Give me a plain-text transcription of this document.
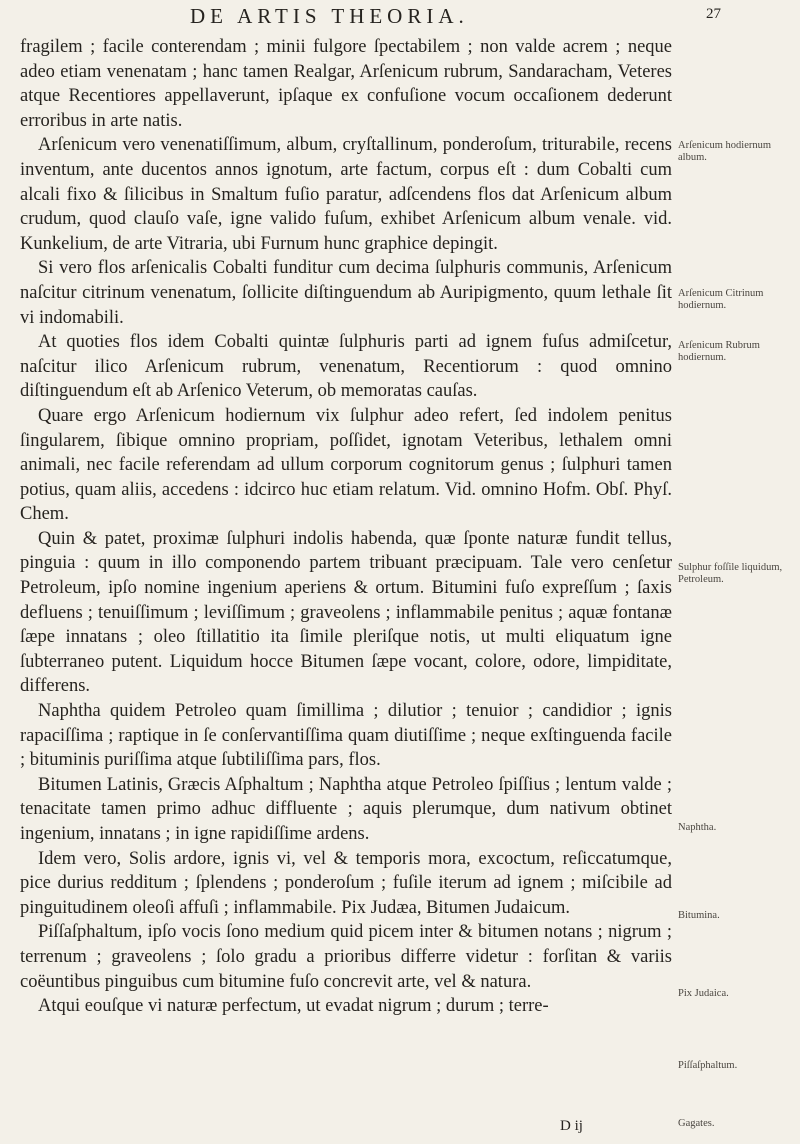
DE ARTIS THEORIA.	27

fragilem ; facile conterendam ; minii fulgore ſpectabilem ; non valde acrem ; neque adeo etiam venenatam ; hanc tamen Realgar, Arſenicum rubrum, Sandaracham, Veteres atque Recentiores appellaverunt, ipſaque ex confuſione vocum occaſionem dederunt erroribus in arte natis.

Arſenicum vero venenatiſſimum, album, cryſtallinum, ponderoſum, triturabile, recens inventum, ante ducentos annos ignotum, arte factum, corpus eſt : dum Cobalti cum alcali fixo & ſilicibus in Smaltum fuſio paratur, adſcendens flos dat Arſenicum album crudum, quod clauſo vaſe, igne valido fuſum, exhibet Arſenicum album venale. vid. Kunkelium, de arte Vitraria, ubi Furnum hunc graphice depingit.

Si vero flos arſenicalis Cobalti funditur cum decima ſulphuris communis, Arſenicum naſcitur citrinum venenatum, ſollicite diſtinguendum ab Auripigmento, quum lethale ſit vi indomabili.

At quoties flos idem Cobalti quintæ ſulphuris parti ad ignem fuſus admiſcetur, naſcitur ilico Arſenicum rubrum, venenatum, Recentiorum : quod omnino diſtinguendum eſt ab Arſenico Veterum, ob memoratas cauſas.

Quare ergo Arſenicum hodiernum vix ſulphur adeo refert, ſed indolem penitus ſingularem, ſibique omnino propriam, poſſidet, ignotam Veteribus, lethalem omni animali, nec facile referendam ad ullum corporum cognitorum genus ; ſulphuri tamen potius, quam aliis, accedens : idcirco huc etiam relatum. Vid. omnino Hofm. Obſ. Phyſ. Chem.

Quin & patet, proximæ ſulphuri indolis habenda, quæ ſponte naturæ fundit tellus, pinguia : quum in illo componendo partem tribuant præcipuam. Tale vero cenſetur Petroleum, ipſo nomine ingenium aperiens & ortum. Bitumini fuſo expreſſum ; ſaxis defluens ; tenuiſſimum ; leviſſimum ; graveolens ; inflammabile penitus ; aquæ fontanæ ſæpe innatans ; oleo ſtillatitio ita ſimile pleriſque notis, ut multi eliquatum igne ſubterraneo putent. Liquidum hocce Bitumen ſæpe vocant, colore, odore, limpiditate, differens.

Naphtha quidem Petroleo quam ſimillima ; dilutior ; tenuior ; candidior ; ignis rapaciſſima ; raptique in ſe conſervantiſſima quam diutiſſime ; neque exſtinguenda facile ; bituminis puriſſima atque ſubtiliſſima pars, flos.

Bitumen Latinis, Græcis Aſphaltum ; Naphtha atque Petroleo ſpiſſius ; lentum valde ; tenacitate tamen primo adhuc diffluente ; aquis plerumque, dum nativum obtinet ingenium, innatans ; in igne rapidiſſime ardens.

Idem vero, Solis ardore, ignis vi, vel & temporis mora, excoctum, reſiccatumque, pice durius redditum ; ſplendens ; ponderoſum ; fuſile iterum ad ignem ; miſcibile ad pinguitudinem oleoſi affuſi ; inflammabile. Pix Judæa, Bitumen Judaicum.

Piſſaſphaltum, ipſo vocis ſono medium quid picem inter & bitumen notans ; nigrum ; terrenum ; graveolens ; ſolo gradu a prioribus differre videtur : forſitan & variis coëuntibus pinguibus cum bitumine fuſo concrevit arte, vel & natura.

Atqui eouſque vi naturæ perfectum, ut evadat nigrum ; durum ; terre-

Arſenicum hodiernum album.
Arſenicum Citrinum hodiernum.
Arſenicum Rubrum hodiernum.
Sulphur foſſile liquidum, Petroleum.
Naphtha.
Bitumina.
Pix Judaica.
Piſſaſphaltum.
Gagates.
D ij
